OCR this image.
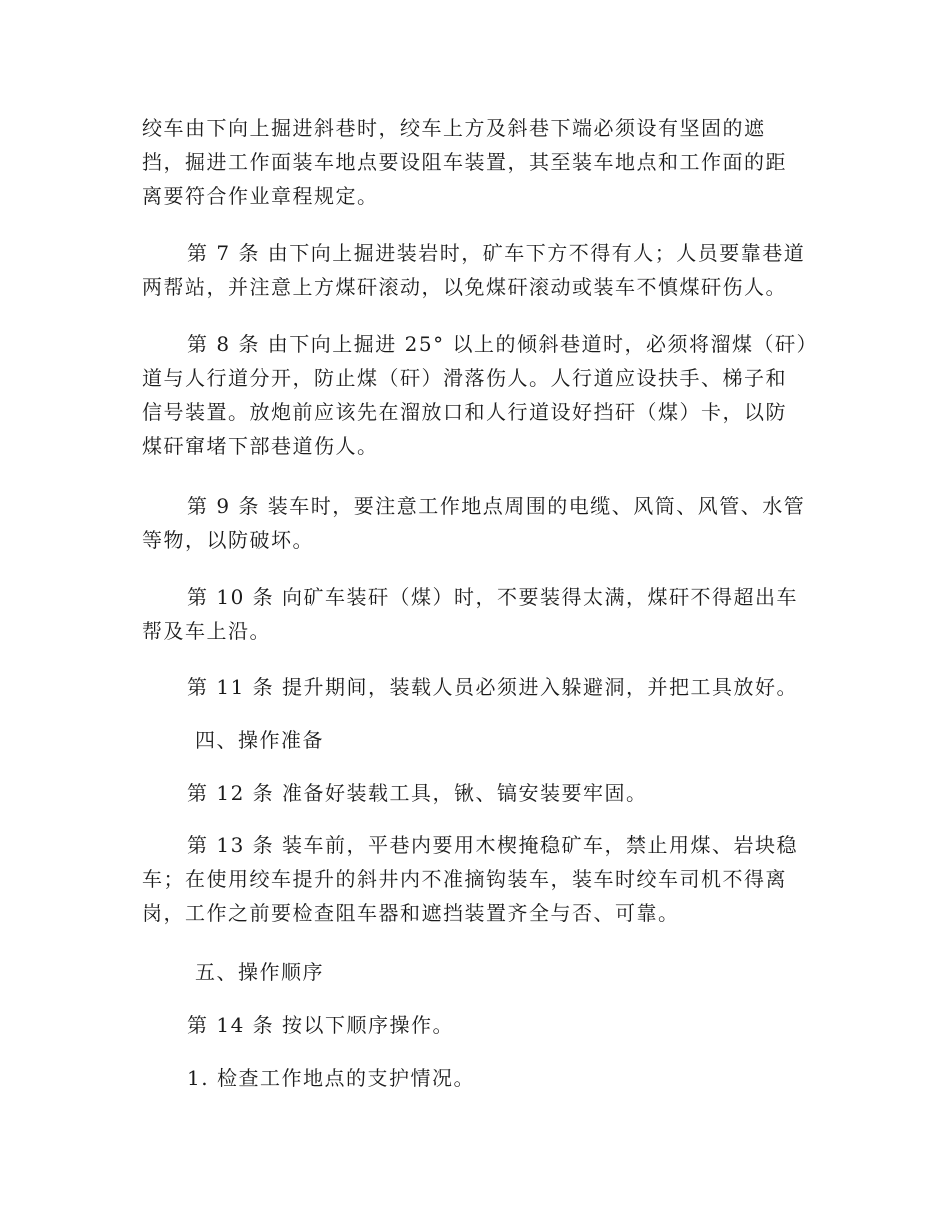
绞车由下向上掘进斜巷时，绞车上方及斜巷下端必须设有坚固的遮
挡，掘进工作面装车地点要设阻车装置，其至装车地点和工作面的距
离要符合作业章程规定。

第 7 条 由下向上掘进装岩时，矿车下方不得有人；人员要靠巷道
两帮站，并注意上方煤矸滚动，以免煤矸滚动或装车不慎煤矸伤人。

第 8 条 由下向上掘进 25° 以上的倾斜巷道时，必须将溜煤（矸）
道与人行道分开，防止煤（矸）滑落伤人。人行道应设扶手、梯子和
信号装置。放炮前应该先在溜放口和人行道设好挡矸（煤）卡，以防
煤矸窜堵下部巷道伤人。

第 9 条 装车时，要注意工作地点周围的电缆、风筒、风管、水管
等物，以防破坏。

第 10 条 向矿车装矸（煤）时，不要装得太满，煤矸不得超出车
帮及车上沿。

第 11 条 提升期间，装载人员必须进入躲避洞，并把工具放好。

四、操作准备

第 12 条 准备好装载工具，锹、镐安装要牢固。

第 13 条 装车前，平巷内要用木楔掩稳矿车，禁止用煤、岩块稳
车；在使用绞车提升的斜井内不准摘钩装车，装车时绞车司机不得离
岗，工作之前要检查阻车器和遮挡装置齐全与否、可靠。

五、操作顺序

第 14 条 按以下顺序操作。

1. 检查工作地点的支护情况。
